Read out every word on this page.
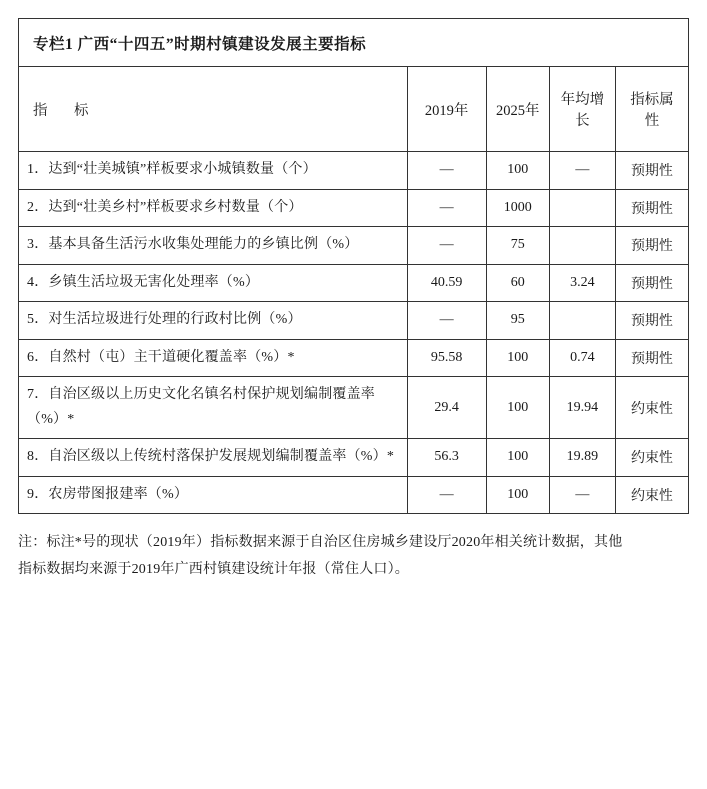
专栏1 广西“十四五”时期村镇建设发展主要指标
指　标	2019年	2025年	年均增长	指标属性
1．达到“壮美城镇”样板要求小城镇数量（个）	—	100	—	预期性
2．达到“壮美乡村”样板要求乡村数量（个）	—	1000		预期性
3．基本具备生活污水收集处理能力的乡镇比例（%）	—	75		预期性
4．乡镇生活垃圾无害化处理率（%）	40.59	60	3.24	预期性
5．对生活垃圾进行处理的行政村比例（%）	—	95		预期性
6．自然村（屯）主干道硬化覆盖率（%）*	95.58	100	0.74	预期性
7．自治区级以上历史文化名镇名村保护规划编制覆盖率（%）*	29.4	100	19.94	约束性
8．自治区级以上传统村落保护发展规划编制覆盖率（%）*	56.3	100	19.89	约束性
9．农房带图报建率（%）	—	100	—	约束性
注：标注*号的现状（2019年）指标数据来源于自治区住房城乡建设厅2020年相关统计数据，其他
指标数据均来源于2019年广西村镇建设统计年报（常住人口）。
